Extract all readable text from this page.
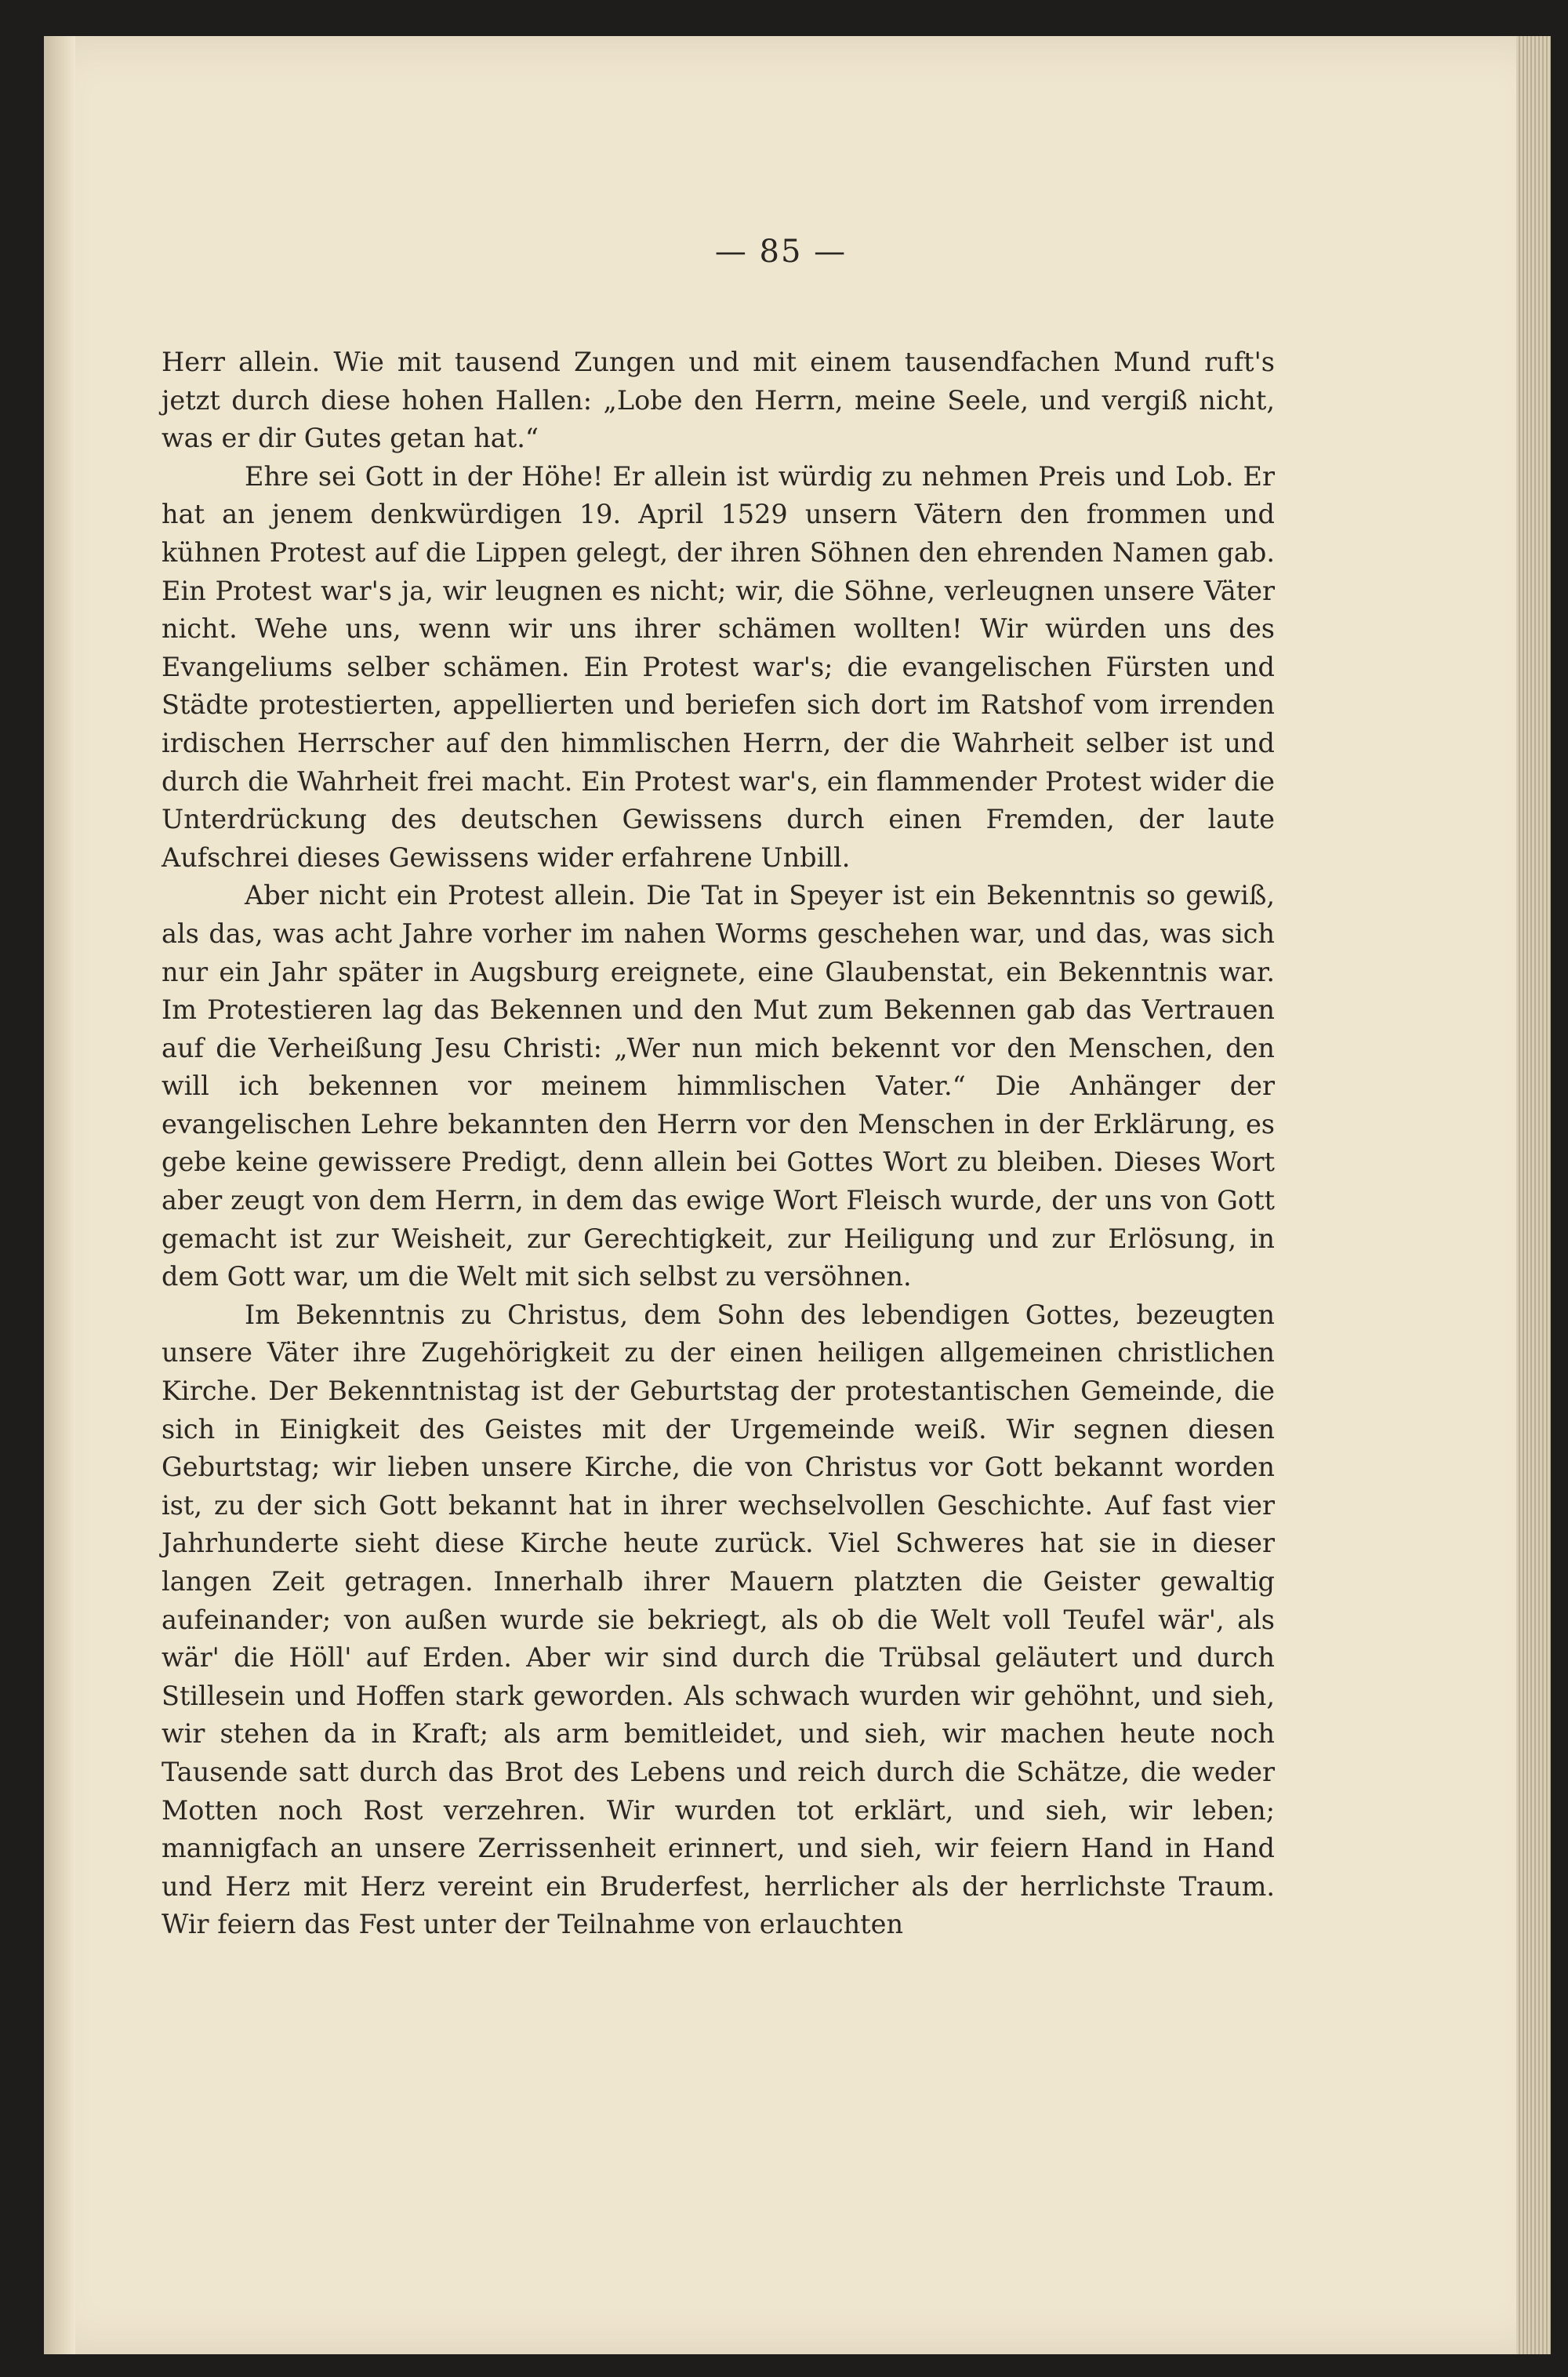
— 85 —

Herr allein. Wie mit tausend Zungen und mit einem tausendfachen Mund ruft's jetzt durch diese hohen Hallen: „Lobe den Herrn, meine Seele, und vergiß nicht, was er dir Gutes getan hat.“

Ehre sei Gott in der Höhe! Er allein ist würdig zu nehmen Preis und Lob. Er hat an jenem denkwürdigen 19. April 1529 unsern Vätern den frommen und kühnen Protest auf die Lippen gelegt, der ihren Söhnen den ehrenden Namen gab. Ein Protest war's ja, wir leugnen es nicht; wir, die Söhne, verleugnen unsere Väter nicht. Wehe uns, wenn wir uns ihrer schämen wollten! Wir würden uns des Evangeliums selber schämen. Ein Protest war's; die evangelischen Fürsten und Städte protestierten, appellierten und beriefen sich dort im Ratshof vom irrenden irdischen Herrscher auf den himmlischen Herrn, der die Wahrheit selber ist und durch die Wahrheit frei macht. Ein Protest war's, ein flammender Protest wider die Unterdrückung des deutschen Gewissens durch einen Fremden, der laute Aufschrei dieses Gewissens wider erfahrene Unbill.

Aber nicht ein Protest allein. Die Tat in Speyer ist ein Bekenntnis so gewiß, als das, was acht Jahre vorher im nahen Worms geschehen war, und das, was sich nur ein Jahr später in Augsburg ereignete, eine Glaubenstat, ein Bekenntnis war. Im Protestieren lag das Bekennen und den Mut zum Bekennen gab das Vertrauen auf die Verheißung Jesu Christi: „Wer nun mich bekennt vor den Menschen, den will ich bekennen vor meinem himmlischen Vater.“ Die Anhänger der evangelischen Lehre bekannten den Herrn vor den Menschen in der Erklärung, es gebe keine gewissere Predigt, denn allein bei Gottes Wort zu bleiben. Dieses Wort aber zeugt von dem Herrn, in dem das ewige Wort Fleisch wurde, der uns von Gott gemacht ist zur Weisheit, zur Gerechtigkeit, zur Heiligung und zur Erlösung, in dem Gott war, um die Welt mit sich selbst zu versöhnen.

Im Bekenntnis zu Christus, dem Sohn des lebendigen Gottes, bezeugten unsere Väter ihre Zugehörigkeit zu der einen heiligen allgemeinen christlichen Kirche. Der Bekenntnistag ist der Geburtstag der protestantischen Gemeinde, die sich in Einigkeit des Geistes mit der Urgemeinde weiß. Wir segnen diesen Geburtstag; wir lieben unsere Kirche, die von Christus vor Gott bekannt worden ist, zu der sich Gott bekannt hat in ihrer wechselvollen Geschichte. Auf fast vier Jahrhunderte sieht diese Kirche heute zurück. Viel Schweres hat sie in dieser langen Zeit getragen. Innerhalb ihrer Mauern platzten die Geister gewaltig aufeinander; von außen wurde sie bekriegt, als ob die Welt voll Teufel wär', als wär' die Höll' auf Erden. Aber wir sind durch die Trübsal geläutert und durch Stillesein und Hoffen stark geworden. Als schwach wurden wir gehöhnt, und sieh, wir stehen da in Kraft; als arm bemitleidet, und sieh, wir machen heute noch Tausende satt durch das Brot des Lebens und reich durch die Schätze, die weder Motten noch Rost verzehren. Wir wurden tot erklärt, und sieh, wir leben; mannigfach an unsere Zerrissenheit erinnert, und sieh, wir feiern Hand in Hand und Herz mit Herz vereint ein Bruderfest, herrlicher als der herrlichste Traum. Wir feiern das Fest unter der Teilnahme von erlauchten
